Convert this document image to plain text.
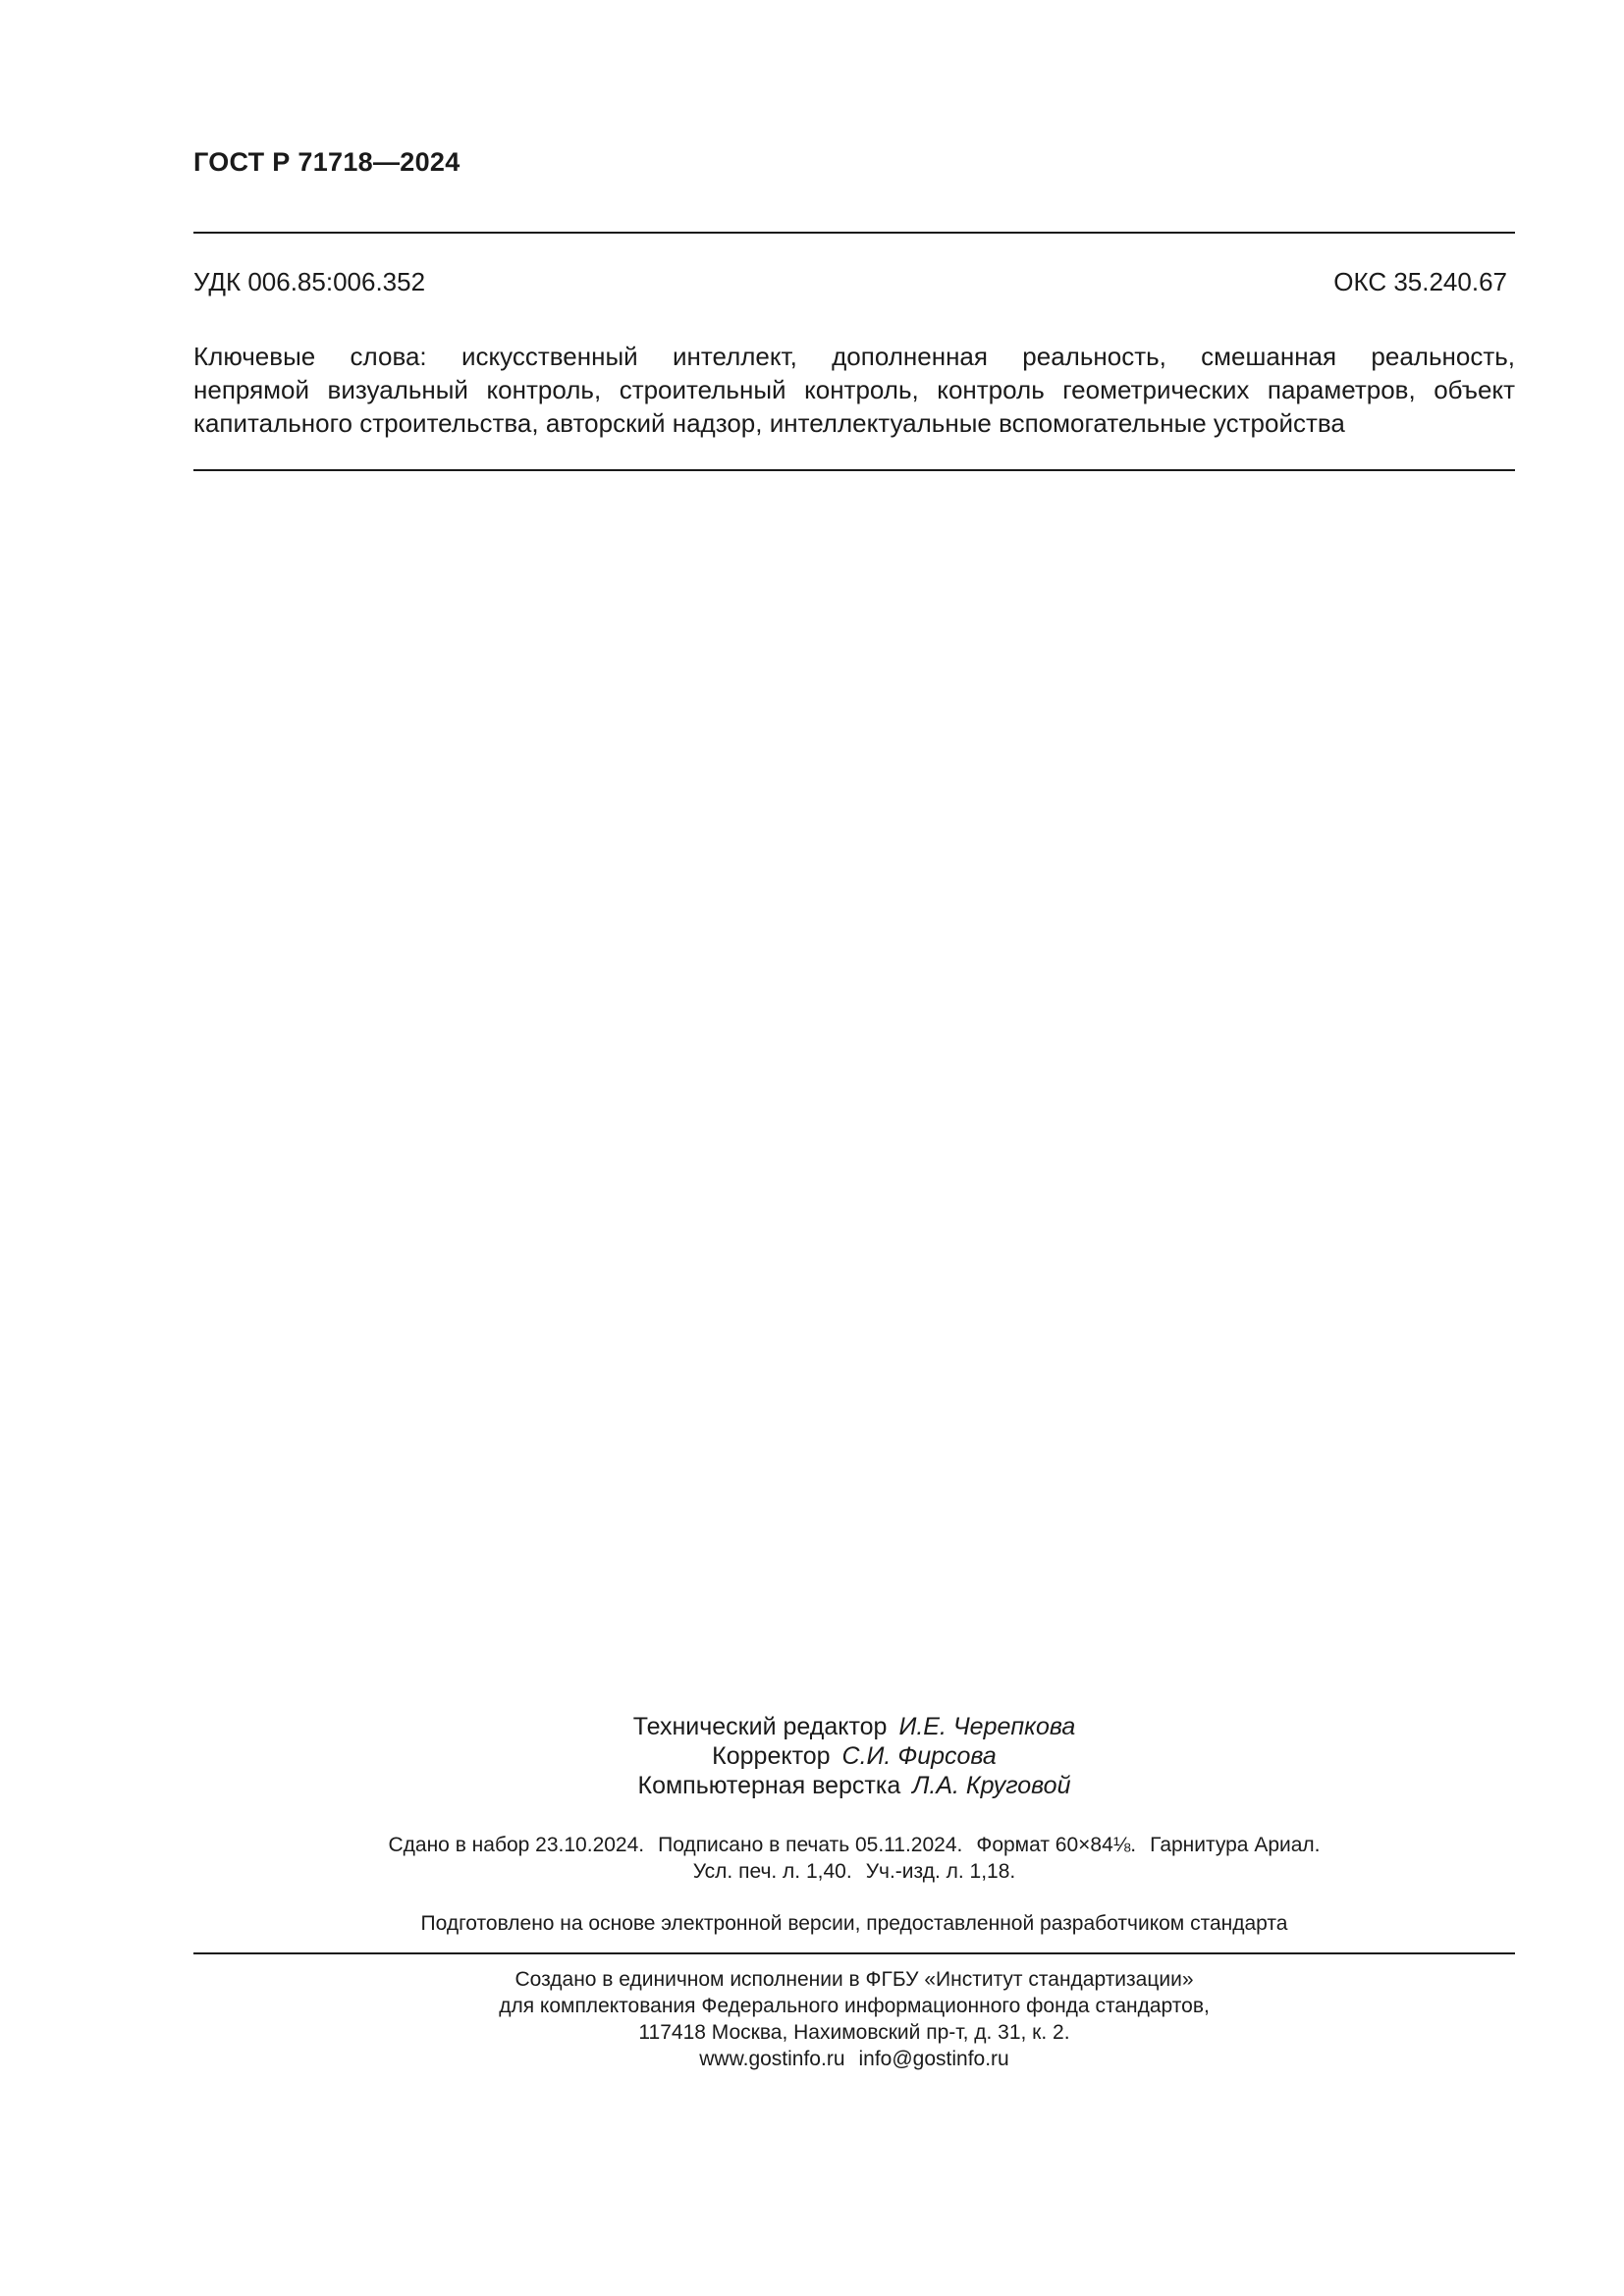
ГОСТ Р 71718—2024
УДК 006.85:006.352	ОКС 35.240.67
Ключевые слова: искусственный интеллект, дополненная реальность, смешанная реальность,
непрямой визуальный контроль, строительный контроль, контроль геометрических параметров, объект
капитального строительства, авторский надзор, интеллектуальные вспомогательные устройства
Технический редактор И.Е. Черепкова
Корректор С.И. Фирсова
Компьютерная верстка Л.А. Круговой
Сдано в набор 23.10.2024. Подписано в печать 05.11.2024. Формат 60×84⅛. Гарнитура Ариал.
Усл. печ. л. 1,40. Уч.-изд. л. 1,18.
Подготовлено на основе электронной версии, предоставленной разработчиком стандарта
Создано в единичном исполнении в ФГБУ «Институт стандартизации»
для комплектования Федерального информационного фонда стандартов,
117418 Москва, Нахимовский пр-т, д. 31, к. 2.
www.gostinfo.ru info@gostinfo.ru
